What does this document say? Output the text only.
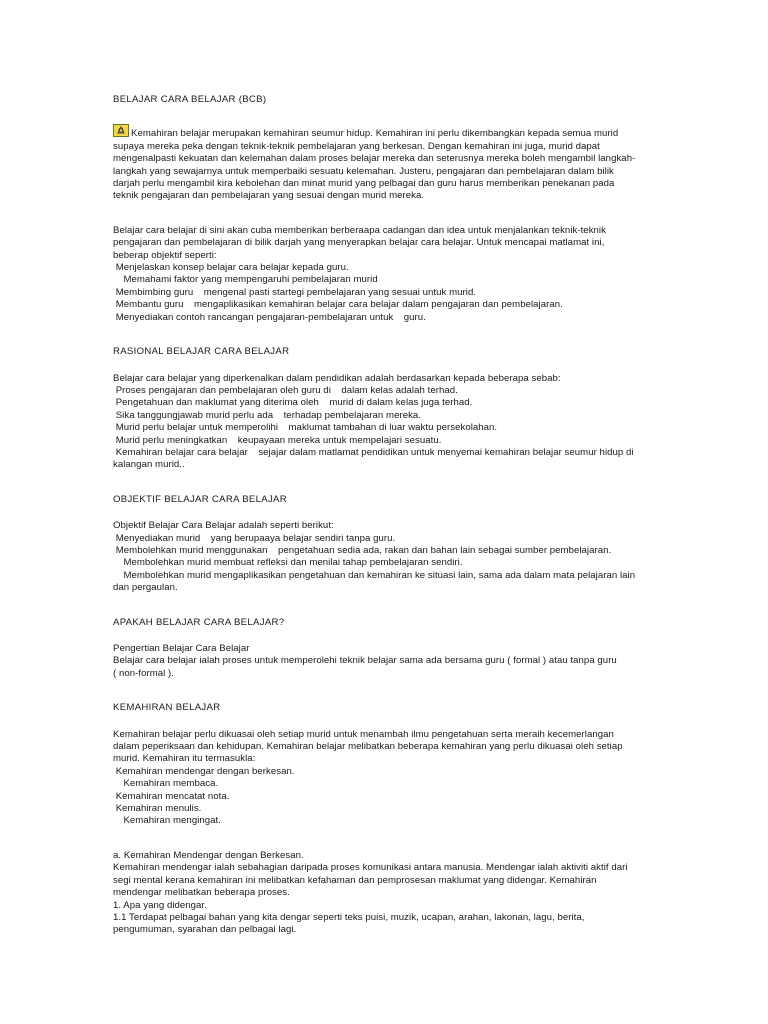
BELAJAR CARA BELAJAR (BCB)

Kemahiran belajar merupakan kemahiran seumur hidup. Kemahiran ini perlu dikembangkan kepada semua murid

supaya mereka peka dengan teknik-teknik pembelajaran yang berkesan. Dengan kemahiran ini juga, murid dapat

mengenalpasti kekuatan dan kelemahan dalam proses belajar mereka dan seterusnya mereka boleh mengambil langkah-

langkah yang sewajarnya untuk memperbaiki sesuatu kelemahan. Justeru, pengajaran dan pembelajaran dalam bilik

darjah perlu mengambil kira kebolehan dan minat murid yang pelbagai dan guru harus memberikan penekanan pada

teknik pengajaran dan pembelajaran yang sesuai dengan murid mereka.

Belajar cara belajar di sini akan cuba memberikan berberaapa cadangan dan idea untuk menjalankan teknik-teknik

pengajaran dan pembelajaran di bilik darjah yang menyerapkan belajar cara belajar. Untuk mencapai matlamat ini,

beberap objektif seperti:

Menjelaskan konsep belajar cara belajar kepada guru.

 Memahami faktor yang mempengaruhi pembelajaran murid

Membimbing guru mengenal pasti startegi pembelajaran yang sesuai untuk murid.

Membantu guru mengaplikasikan kemahiran belajar cara belajar dalam pengajaran dan pembelajaran.

Menyediakan contoh rancangan pengajaran-pembelajaran untuk guru.

RASIONAL BELAJAR CARA BELAJAR

Belajar cara belajar yang diperkenalkan dalam pendidikan adalah berdasarkan kepada beberapa sebab:

Proses pengajaran dan pembelajaran oleh guru di dalam kelas adalah terhad.

Pengetahuan dan maklumat yang diterima oleh murid di dalam kelas juga terhad.

Sika tanggungjawab murid perlu ada terhadap pembelajaran mereka.

Murid perlu belajar untuk memperolihi maklumat tambahan di luar waktu persekolahan.

Murid perlu meningkatkan keupayaan mereka untuk mempelajari sesuatu.

Kemahiran belajar cara belajar sejajar dalam matlamat pendidikan untuk menyemai kemahiran belajar seumur hidup di

kalangan murid..

OBJEKTIF BELAJAR CARA BELAJAR

Objektif Belajar Cara Belajar adalah seperti berikut:

Menyediakan murid yang berupaaya belajar sendiri tanpa guru.

Membolehkan murid menggunakan pengetahuan sedia ada, rakan dan bahan lain sebagai sumber pembelajaran.

 Membolehkan murid membuat refleksi dan menilai tahap pembelajaran sendiri.

 Membolehkan murid mengaplikasikan pengetahuan dan kemahiran ke situasi lain, sama ada dalam mata pelajaran lain

dan pergaulan.

APAKAH BELAJAR CARA BELAJAR?

Pengertian Belajar Cara Belajar

Belajar cara belajar ialah proses untuk memperolehi teknik belajar sama ada bersama guru ( formal ) atau tanpa guru

( non-formal ).

KEMAHIRAN BELAJAR

Kemahiran belajar perlu dikuasai oleh setiap murid untuk menambah ilmu pengetahuan serta meraih kecemerlangan

dalam peperiksaan dan kehidupan. Kemahiran belajar melibatkan beberapa kemahiran yang perlu dikuasai oleh setiap

murid. Kemahiran itu termasukla:

Kemahiran mendengar dengan berkesan.

 Kemahiran membaca.

Kemahiran mencatat nota.

Kemahiran menulis.

 Kemahiran mengingat.

a. Kemahiran Mendengar dengan Berkesan.

Kemahiran mendengar ialah sebahagian daripada proses komunikasi antara manusia. Mendengar ialah aktiviti aktif dari

segi mental kerana kemahiran ini melibatkan kefahaman dan pemprosesan maklumat yang didengar. Kemahiran

mendengar melibatkan beberapa proses.

1. Apa yang didengar.

1.1 Terdapat pelbagai bahan yang kita dengar seperti teks puisi, muzik, ucapan, arahan, lakonan, lagu, berita,

pengumuman, syarahan dan pelbagai lagi.
